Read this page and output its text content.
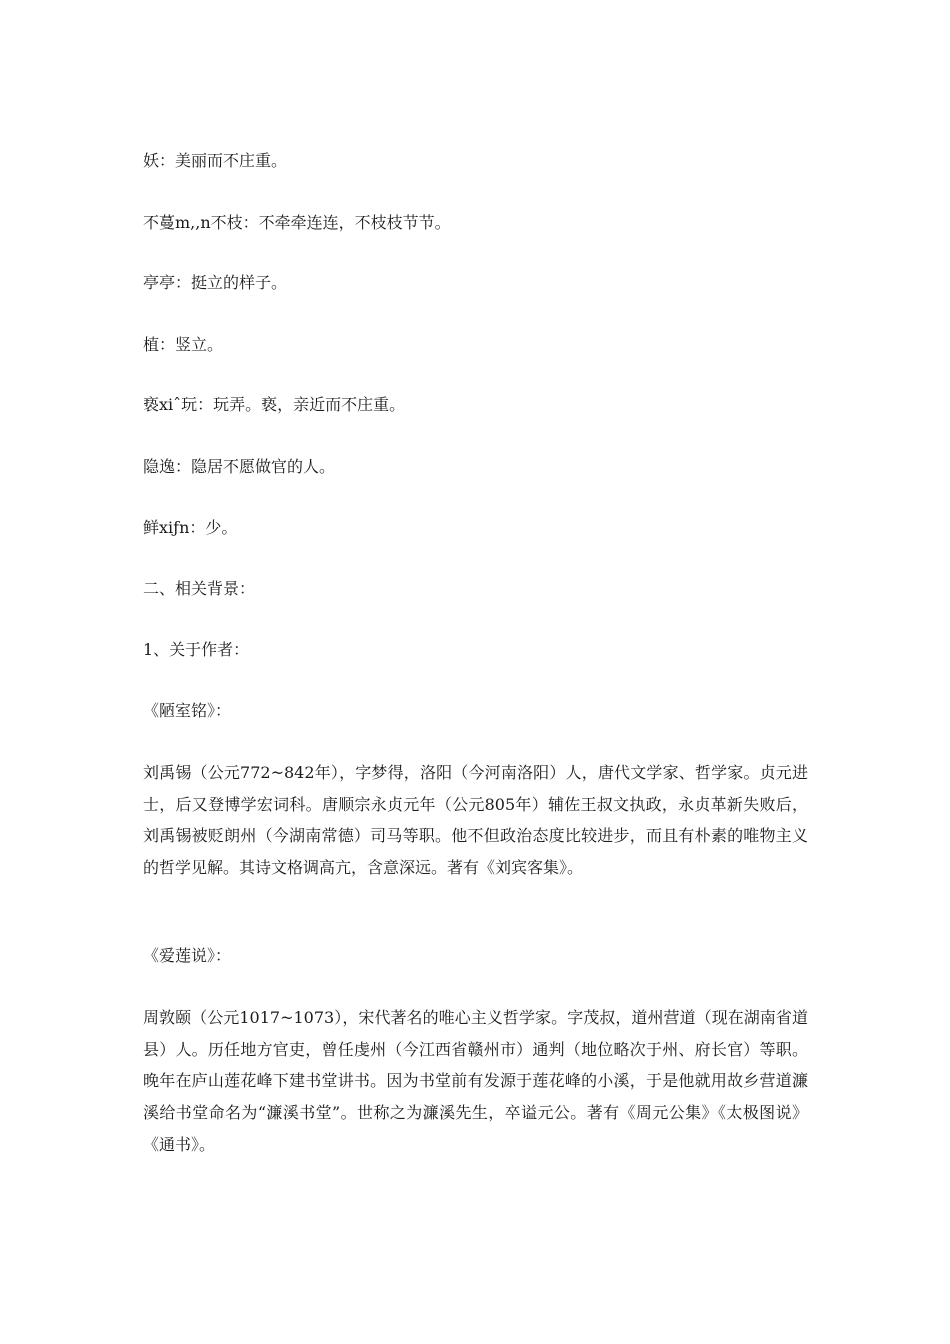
妖：美丽而不庄重。
不蔓m,,n不枝：不牵牵连连，不枝枝节节。
亭亭：挺立的样子。
植：竖立。
亵xiˆ玩：玩弄。亵，亲近而不庄重。
隐逸：隐居不愿做官的人。
鲜xiƒn：少。
二、相关背景：
1、关于作者：
《陋室铭》：
刘禹锡（公元772~842年），字梦得，洛阳（今河南洛阳）人，唐代文学家、哲学家。贞元进士，后又登博学宏词科。唐顺宗永贞元年（公元805年）辅佐王叔文执政，永贞革新失败后，刘禹锡被贬朗州（今湖南常德）司马等职。他不但政治态度比较进步，而且有朴素的唯物主义的哲学见解。其诗文格调高亢，含意深远。著有《刘宾客集》。
《爱莲说》：
周敦颐（公元1017~1073），宋代著名的唯心主义哲学家。字茂叔，道州营道（现在湖南省道县）人。历任地方官吏，曾任虔州（今江西省赣州市）通判（地位略次于州、府长官）等职。晚年在庐山莲花峰下建书堂讲书。因为书堂前有发源于莲花峰的小溪，于是他就用故乡营道濂溪给书堂命名为“濂溪书堂”。世称之为濂溪先生，卒谥元公。著有《周元公集》《太极图说》《通书》。
